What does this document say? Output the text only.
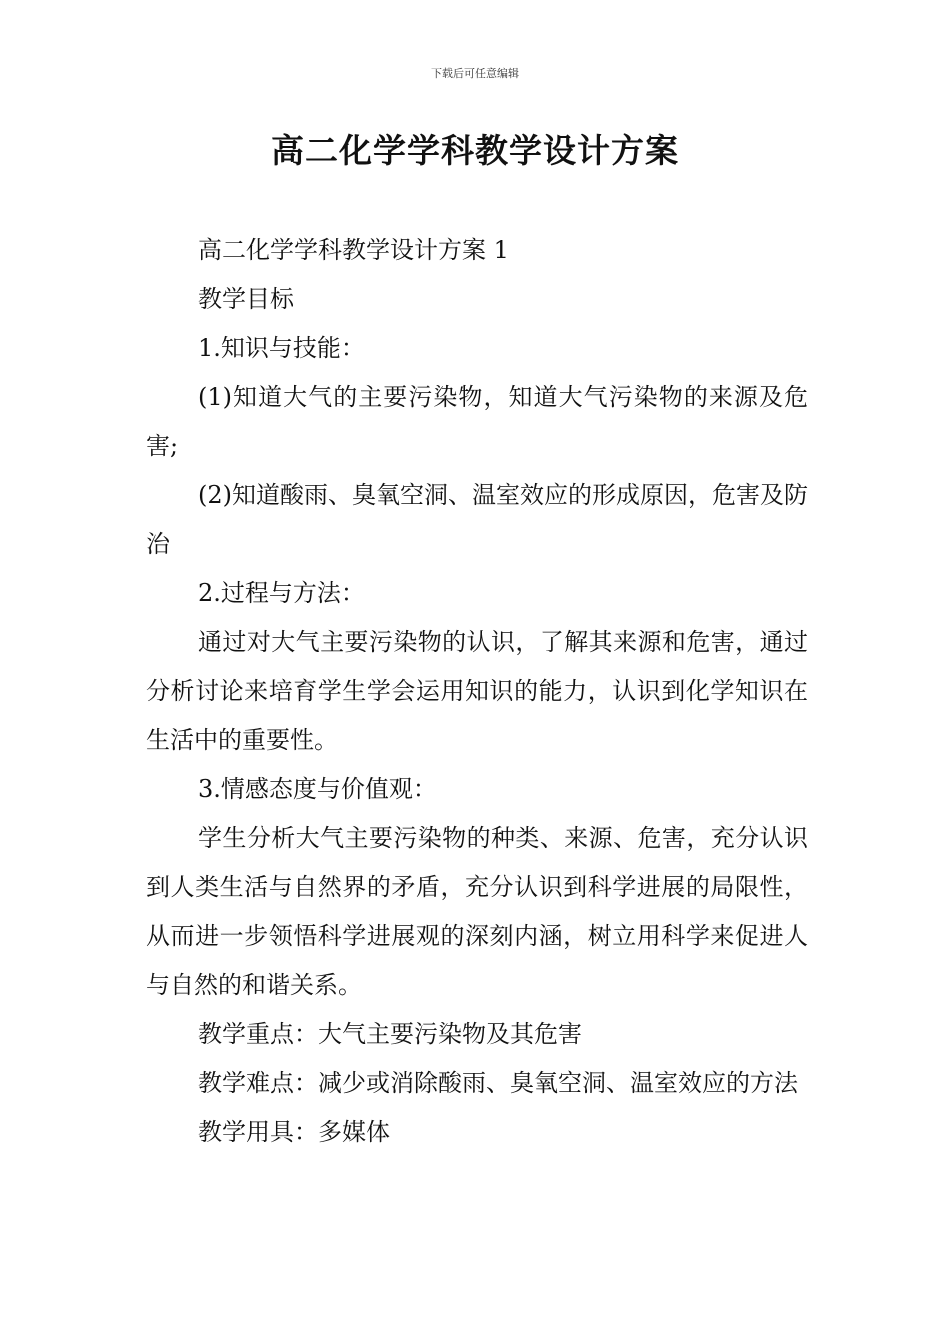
下载后可任意编辑
高二化学学科教学设计方案

高二化学学科教学设计方案 1

教学目标

1.知识与技能：

(1)知道大气的主要污染物，知道大气污染物的来源及危害;

(2)知道酸雨、臭氧空洞、温室效应的形成原因，危害及防治

2.过程与方法：

通过对大气主要污染物的认识，了解其来源和危害，通过分析讨论来培育学生学会运用知识的能力，认识到化学知识在生活中的重要性。

3.情感态度与价值观：

学生分析大气主要污染物的种类、来源、危害，充分认识到人类生活与自然界的矛盾，充分认识到科学进展的局限性，从而进一步领悟科学进展观的深刻内涵，树立用科学来促进人与自然的和谐关系。

教学重点：大气主要污染物及其危害

教学难点：减少或消除酸雨、臭氧空洞、温室效应的方法

教学用具：多媒体
